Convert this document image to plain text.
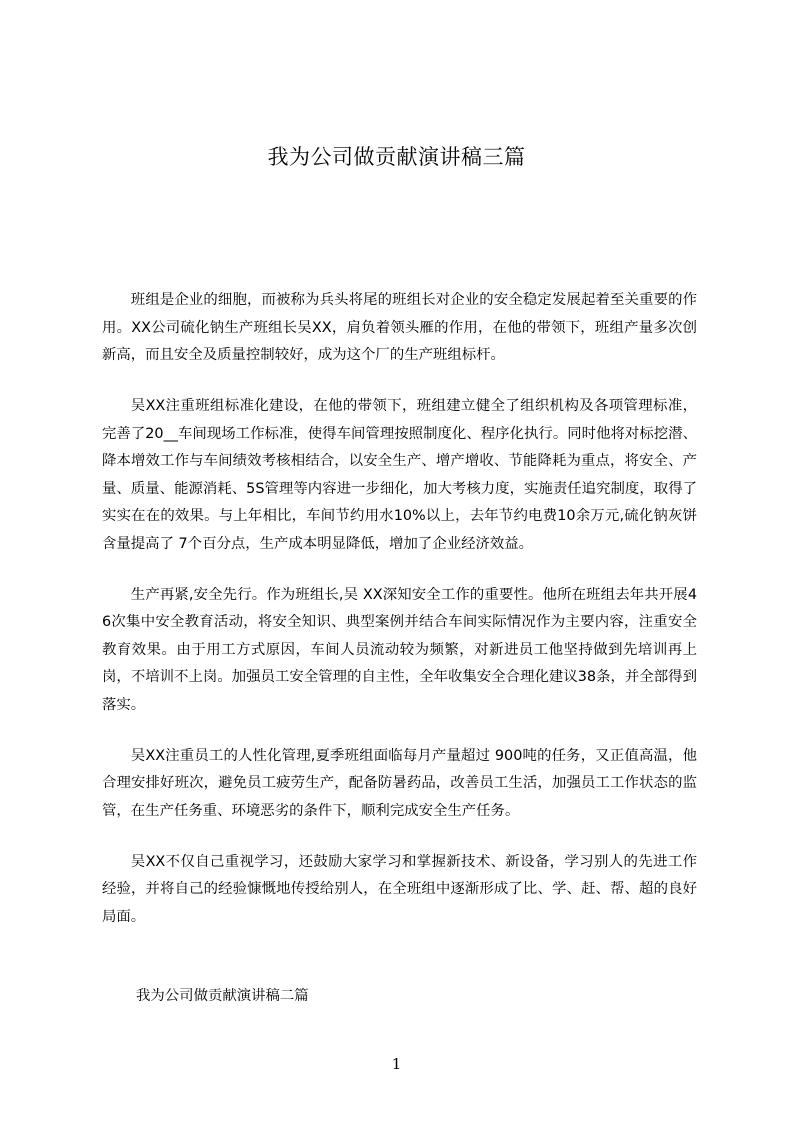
我为公司做贡献演讲稿三篇

班组是企业的细胞，而被称为兵头将尾的班组长对企业的安全稳定发展起着至关重要的作用。XX公司硫化钠生产班组长吴XX，肩负着领头雁的作用，在他的带领下，班组产量多次创新高，而且安全及质量控制较好，成为这个厂的生产班组标杆。

吴XX注重班组标准化建设，在他的带领下，班组建立健全了组织机构及各项管理标准，完善了20__车间现场工作标准，使得车间管理按照制度化、程序化执行。同时他将对标挖潜、降本增效工作与车间绩效考核相结合，以安全生产、增产增收、节能降耗为重点，将安全、产量、质量、能源消耗、5S管理等内容进一步细化，加大考核力度，实施责任追究制度，取得了实实在在的效果。与上年相比，车间节约用水10%以上，去年节约电费10余万元,硫化钠灰饼含量提高了 7个百分点，生产成本明显降低，增加了企业经济效益。

生产再紧,安全先行。作为班组长,吴 XX深知安全工作的重要性。他所在班组去年共开展46次集中安全教育活动，将安全知识、典型案例并结合车间实际情况作为主要内容，注重安全教育效果。由于用工方式原因，车间人员流动较为频繁，对新进员工他坚持做到先培训再上岗，不培训不上岗。加强员工安全管理的自主性，全年收集安全合理化建议38条，并全部得到落实。

吴XX注重员工的人性化管理,夏季班组面临每月产量超过 900吨的任务，又正值高温，他合理安排好班次，避免员工疲劳生产，配备防暑药品，改善员工生活，加强员工工作状态的监管，在生产任务重、环境恶劣的条件下，顺利完成安全生产任务。

吴XX不仅自己重视学习，还鼓励大家学习和掌握新技术、新设备，学习别人的先进工作经验，并将自己的经验慷慨地传授给别人，在全班组中逐渐形成了比、学、赶、帮、超的良好局面。

我为公司做贡献演讲稿二篇
1
